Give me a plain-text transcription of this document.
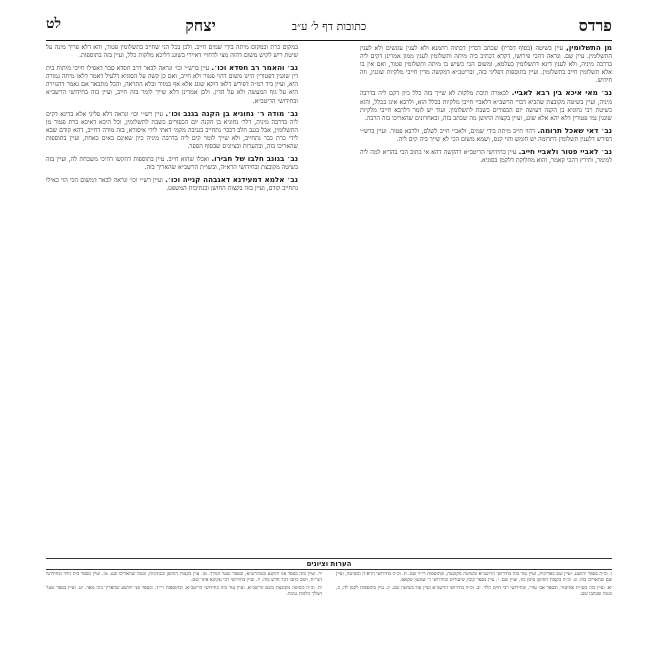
פרדס
כתובות דף ל׳ ע״ב
יצחק
לט

מן התשלומין, עיין בשיטה (בסוף דבריו) שכתב דבדין דכתוה רחמנא ולא לענין עונשים ולא לענין התשלומין. עיין שם. ונראה דהכי פירושו, דקרא דכתיב ביה מיתה ותשלומין לענין ממון אמרינן דקים ליה בדרבה מיניה, ולא לענין דינא דתשלומין בעלמא, ומשום הכי כשיש בו מיתה ותשלומין פטור, ואם אין בו אלא תשלומין חייב בתשלומין. ועיין בתוספות דפליגי בזה, ובריטב״א דמקשה מדין חייבי מלקיות שוגגין, וזה חידוש.

נב׳ מאי איכא בין רבא לאביי. לכאורה תיבת מלקות לא שייך בזה כלל כיון דקם ליה בדרבה מיניה, ועיין בשיטה מקובצת שהביא דברי הרשב״א דלאביי חייבי מלקיות בכלל הוא, ולרבא אינו בכלל, והוא כשיטת רבי נחוניא בן הקנה דעושה יום הכפורים כשבת לתשלומין. ועוד יש לומר דלרבא חייבי מלקיות שוגגין נמי פטורין דלא יהא אלא שוגג, ועיין בקצות החושן מה שכתב בזה, ובאחרונים שהאריכו בזה הרבה.

נב׳ דאי שאכל תרומה. דהוי חייב מיתה בידי שמים, ולאביי חייב לשלם, ולרבא פטור. ועיין ברש״י דפירש דלענין תשלומין דתרומה יש חומש והוי קנס, ושמא משום הכי לא שייך ביה קים ליה.

נב׳ לאביי פטור ולאביי חייב. עיין בחידושי הריטב״א דהקשה דהא אי כתוב הכי בהדיא למה ליה למימר, ותירץ דהכי קאמר, והוא מחלוקת דלקמן בסוגיא.

במקום כרת ובמקום מיתה בידי שמים חייב. ולכן בכל הני שחייב בתשלומין פטור, והא דלא פריך מינה על שיטת ריש לקיש משום דהוה מצי לדחויי דאיירי בשוגג דליכא מלקות כלל, ועיין בזה בתוספות.

נב׳ והאמר רב חסדא וכו׳. עיין ברש״י וכו׳ ונראה לבאר דרב חסדא סבר דאפילו חייבי מיתות בית דין שוגגין דפטורין היינו משום דהוי פטור ולא חייב, ואם כן קשה על הסוגיא דלעיל דאמר דלאו מיתה גמורה היא, ועיין ביד רמ״ה דפירש דלאו דוקא שוגג אלא אף במזיד ובלא התראה, והכל מתבאר אם נאמר דהגזירה היא על גוף המעשה ולא על הדין. ולכן אמרינן דלא שייך לומר בזה חייב, ועיין בזה בחידושי הרשב״א ובחידושי הריטב״א.

נב׳ מודה ר׳ נחוניא בן הקנה בגנב וכו׳. עיין רש״י וכו׳ ונראה דלא פליגי אלא בדינא דקים ליה בדרבה מיניה, דלר׳ נחוניא בן הקנה יום הכפורים כשבת לתשלומין, וכל היכא דאיכא כרת פטור מן התשלומין, אבל בגנב חלב דכבר נתחייב בגניבה מקמי דאתי לידי איסורא, בזה מודה דחייב, דהא קודם שבא לידי כרת כבר נתחייב, ולא שייך לומר קים ליה בדרבה מיניה כיון שאינם באים כאחת, ועיין בתוספות שהאריכו בזה, ובהערות ובציונים שבסוף הספר.

נב׳ בגונב חלבו של חבירו. ואכלו שהוא חייב. עיין בתוספות דהקשו דהיכי משכחת לה, ועיין בזה בשיטה מקובצת ובחידושי הרא״ה, ובשו״ת הרשב״א שהאריך בזה.

נב׳ אלמא דמעידנא דאגבהה קנייה וכו׳. ועיין רש״י וכו׳ ונראה לבאר דמשום הכי הוי כאילו נתחייב קודם, ועיין בזה בקצות החושן ובנתיבות המשפט.

הערות וציונים

ז. וכ״ה בספר יהושע, ועיין שם באריכות, ועיין עוד בזה בחידושי הריטב״א ובשיטה מקובצת, ובתוספות רי״ד שם. ח. וכ״ה בחידושי הרא״ה ובשיטה, ועיין שם שהאריכו בזה. ט. וכ״ה בקצות החושן סימן כח, ועיין שם. י. עיין בספר קובץ שיעורים ובחידושי ר׳ שמעון שקאפ.

יא. ועיין בזה בשו״ת אחיעזר, ובספר אבי עזרי, ובחידושי רבי חיים הלוי. יב. וכ״ה בחידושי הרשב״א ועיין עוד בשיטה שם. יג. עיין בתוספות לקמן לה, ב, ובמה שכתבו שם.

יד. ועיין בזה בספר פני יהושע ובמהרש״א, ובספר שער המלך. טו. עיין בקצות החושן ובנתיבות, ובמה שהאריכו שם. טז. ועיין בספר בית הלוי ובחידושי הגר״ח, ושם כתבו דבר חדש בזה. יז. ועיין בחידושי רבי עקיבא איגר שם.

יח. וכ״ה בשיטה מקובצת בשם הרשב״א, ועיין עוד בזה בחידושי הריטב״א, ובתוספות רי״ד, ובספר פני יהושע שהאריך בזה מאד. יט. ועיין בספר שער המלך הלכות גניבה.
